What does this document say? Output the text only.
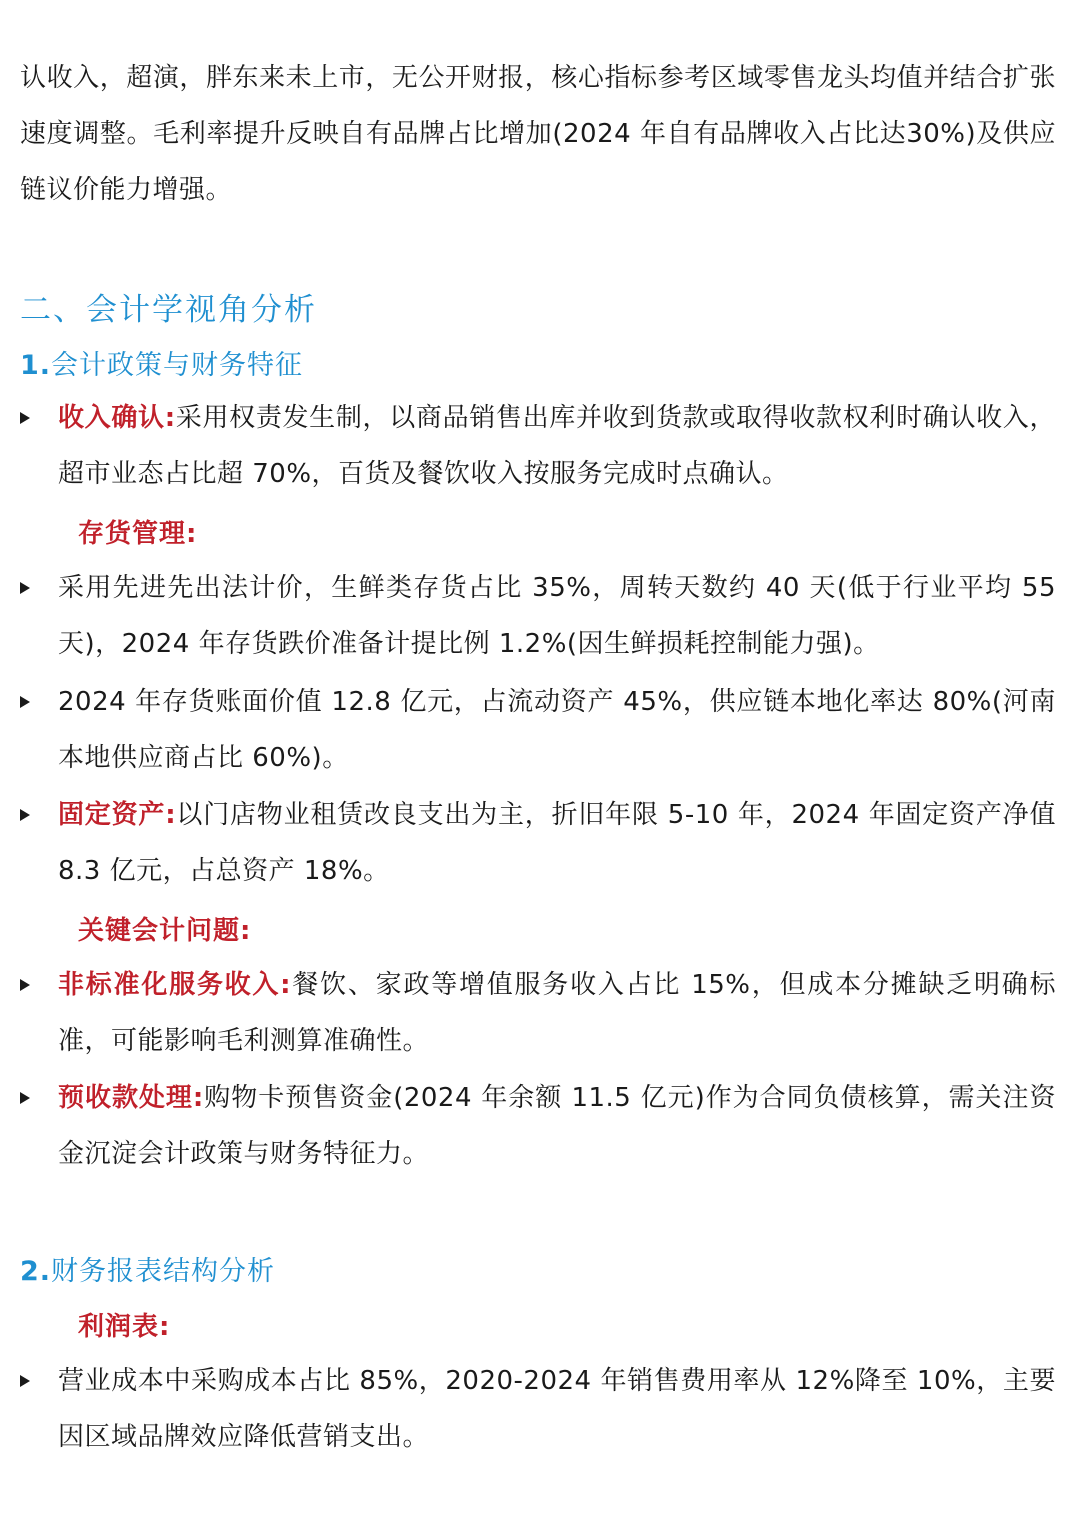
认收入，超演，胖东来未上市，无公开财报，核心指标参考区域零售龙头均值并结合扩张速度调整。毛利率提升反映自有品牌占比增加(2024 年自有品牌收入占比达30%)及供应链议价能力增强。
二、会计学视角分析
1.会计政策与财务特征
收入确认:采用权责发生制，以商品销售出库并收到货款或取得收款权利时确认收入，超市业态占比超 70%，百货及餐饮收入按服务完成时点确认。
存货管理:
采用先进先出法计价，生鲜类存货占比 35%，周转天数约 40 天(低于行业平均 55 天)，2024 年存货跌价准备计提比例 1.2%(因生鲜损耗控制能力强)。
2024 年存货账面价值 12.8 亿元，占流动资产 45%，供应链本地化率达 80%(河南本地供应商占比 60%)。
固定资产:以门店物业租赁改良支出为主，折旧年限 5-10 年，2024 年固定资产净值 8.3 亿元，占总资产 18%。
关键会计问题:
非标准化服务收入:餐饮、家政等增值服务收入占比 15%，但成本分摊缺乏明确标准，可能影响毛利测算准确性。
预收款处理:购物卡预售资金(2024 年余额 11.5 亿元)作为合同负债核算，需关注资金沉淀会计政策与财务特征力。
2.财务报表结构分析
利润表:
营业成本中采购成本占比 85%，2020-2024 年销售费用率从 12%降至 10%，主要因区域品牌效应降低营销支出。
